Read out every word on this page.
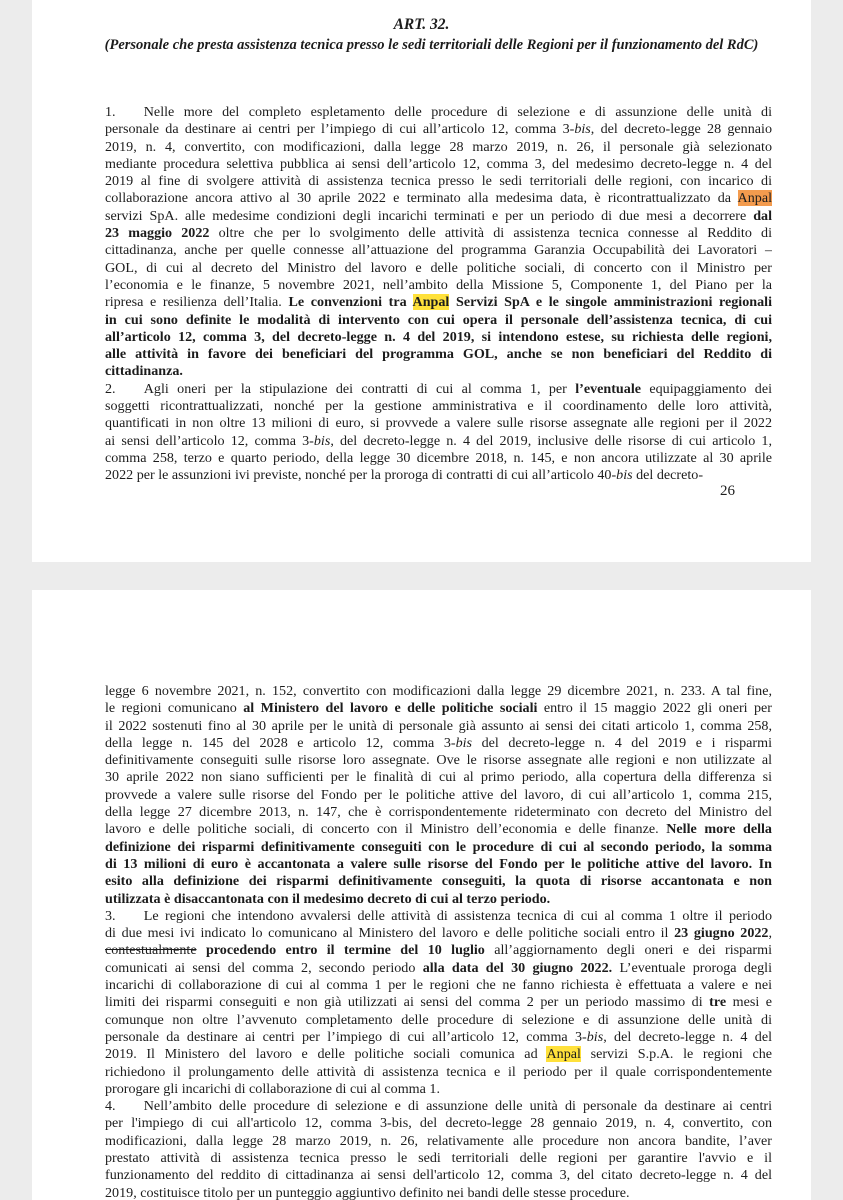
ART. 32.
(Personale che presta assistenza tecnica presso le sedi territoriali delle Regioni per il funzionamento del RdC)
1.  Nelle more del completo espletamento delle procedure di selezione e di assunzione delle unità di
personale da destinare ai centri per l’impiego di cui all’articolo 12, comma 3-bis, del decreto-legge 28 gennaio
2019, n. 4, convertito, con modificazioni, dalla legge 28 marzo 2019, n. 26, il personale già selezionato
mediante procedura selettiva pubblica ai sensi dell’articolo 12, comma 3, del medesimo decreto-legge n. 4 del
2019 al fine di svolgere attività di assistenza tecnica presso le sedi territoriali delle regioni, con incarico di
collaborazione ancora attivo al 30 aprile 2022 e terminato alla medesima data, è ricontrattualizzato da Anpal
servizi SpA. alle medesime condizioni degli incarichi terminati e per un periodo di due mesi a decorrere dal
23 maggio 2022 oltre che per lo svolgimento delle attività di assistenza tecnica connesse al Reddito di
cittadinanza, anche per quelle connesse all’attuazione del programma Garanzia Occupabilità dei Lavoratori –
GOL, di cui al decreto del Ministro del lavoro e delle politiche sociali, di concerto con il Ministro per
l’economia e le finanze, 5 novembre 2021, nell’ambito della Missione 5, Componente 1, del Piano per la
ripresa e resilienza dell’Italia. Le convenzioni tra Anpal Servizi SpA e le singole amministrazioni regionali
in cui sono definite le modalità di intervento con cui opera il personale dell’assistenza tecnica, di cui
all’articolo 12, comma 3, del decreto-legge n. 4 del 2019, si intendono estese, su richiesta delle regioni,
alle attività in favore dei beneficiari del programma GOL, anche se non beneficiari del Reddito di
cittadinanza.
2.  Agli oneri per la stipulazione dei contratti di cui al comma 1, per l’eventuale equipaggiamento dei
soggetti ricontrattualizzati, nonché per la gestione amministrativa e il coordinamento delle loro attività,
quantificati in non oltre 13 milioni di euro, si provvede a valere sulle risorse assegnate alle regioni per il 2022
ai sensi dell’articolo 12, comma 3-bis, del decreto-legge n. 4 del 2019, inclusive delle risorse di cui articolo 1,
comma 258, terzo e quarto periodo, della legge 30 dicembre 2018, n. 145, e non ancora utilizzate al 30 aprile
2022 per le assunzioni ivi previste, nonché per la proroga di contratti di cui all’articolo 40-bis del decreto-
26
legge 6 novembre 2021, n. 152, convertito con modificazioni dalla legge 29 dicembre 2021, n. 233. A tal fine,
le regioni comunicano al Ministero del lavoro e delle politiche sociali entro il 15 maggio 2022 gli oneri per
il 2022 sostenuti fino al 30 aprile per le unità di personale già assunto ai sensi dei citati articolo 1, comma 258,
della legge n. 145 del 2028 e articolo 12, comma 3-bis del decreto-legge n. 4 del 2019 e i risparmi
definitivamente conseguiti sulle risorse loro assegnate. Ove le risorse assegnate alle regioni e non utilizzate al
30 aprile 2022 non siano sufficienti per le finalità di cui al primo periodo, alla copertura della differenza si
provvede a valere sulle risorse del Fondo per le politiche attive del lavoro, di cui all’articolo 1, comma 215,
della legge 27 dicembre 2013, n. 147, che è corrispondentemente rideterminato con decreto del Ministro del
lavoro e delle politiche sociali, di concerto con il Ministro dell’economia e delle finanze. Nelle more della
definizione dei risparmi definitivamente conseguiti con le procedure di cui al secondo periodo, la somma
di 13 milioni di euro è accantonata a valere sulle risorse del Fondo per le politiche attive del lavoro. In
esito alla definizione dei risparmi definitivamente conseguiti, la quota di risorse accantonata e non
utilizzata è disaccantonata con il medesimo decreto di cui al terzo periodo.
3.  Le regioni che intendono avvalersi delle attività di assistenza tecnica di cui al comma 1 oltre il periodo
di due mesi ivi indicato lo comunicano al Ministero del lavoro e delle politiche sociali entro il 23 giugno 2022,
contestualmente procedendo entro il termine del 10 luglio all’aggiornamento degli oneri e dei risparmi
comunicati ai sensi del comma 2, secondo periodo alla data del 30 giugno 2022. L’eventuale proroga degli
incarichi di collaborazione di cui al comma 1 per le regioni che ne fanno richiesta è effettuata a valere e nei
limiti dei risparmi conseguiti e non già utilizzati ai sensi del comma 2 per un periodo massimo di tre mesi e
comunque non oltre l’avvenuto completamento delle procedure di selezione e di assunzione delle unità di
personale da destinare ai centri per l’impiego di cui all’articolo 12, comma 3-bis, del decreto-legge n. 4 del
2019. Il Ministero del lavoro e delle politiche sociali comunica ad Anpal servizi S.p.A. le regioni che
richiedono il prolungamento delle attività di assistenza tecnica e il periodo per il quale corrispondentemente
prorogare gli incarichi di collaborazione di cui al comma 1.
4.  Nell’ambito delle procedure di selezione e di assunzione delle unità di personale da destinare ai centri
per l'impiego di cui all'articolo 12, comma 3-bis, del decreto-legge 28 gennaio 2019, n. 4, convertito, con
modificazioni, dalla legge 28 marzo 2019, n. 26, relativamente alle procedure non ancora bandite, l’aver
prestato attività di assistenza tecnica presso le sedi territoriali delle regioni per garantire l'avvio e il
funzionamento del reddito di cittadinanza ai sensi dell'articolo 12, comma 3, del citato decreto-legge n. 4 del
2019, costituisce titolo per un punteggio aggiuntivo definito nei bandi delle stesse procedure.
